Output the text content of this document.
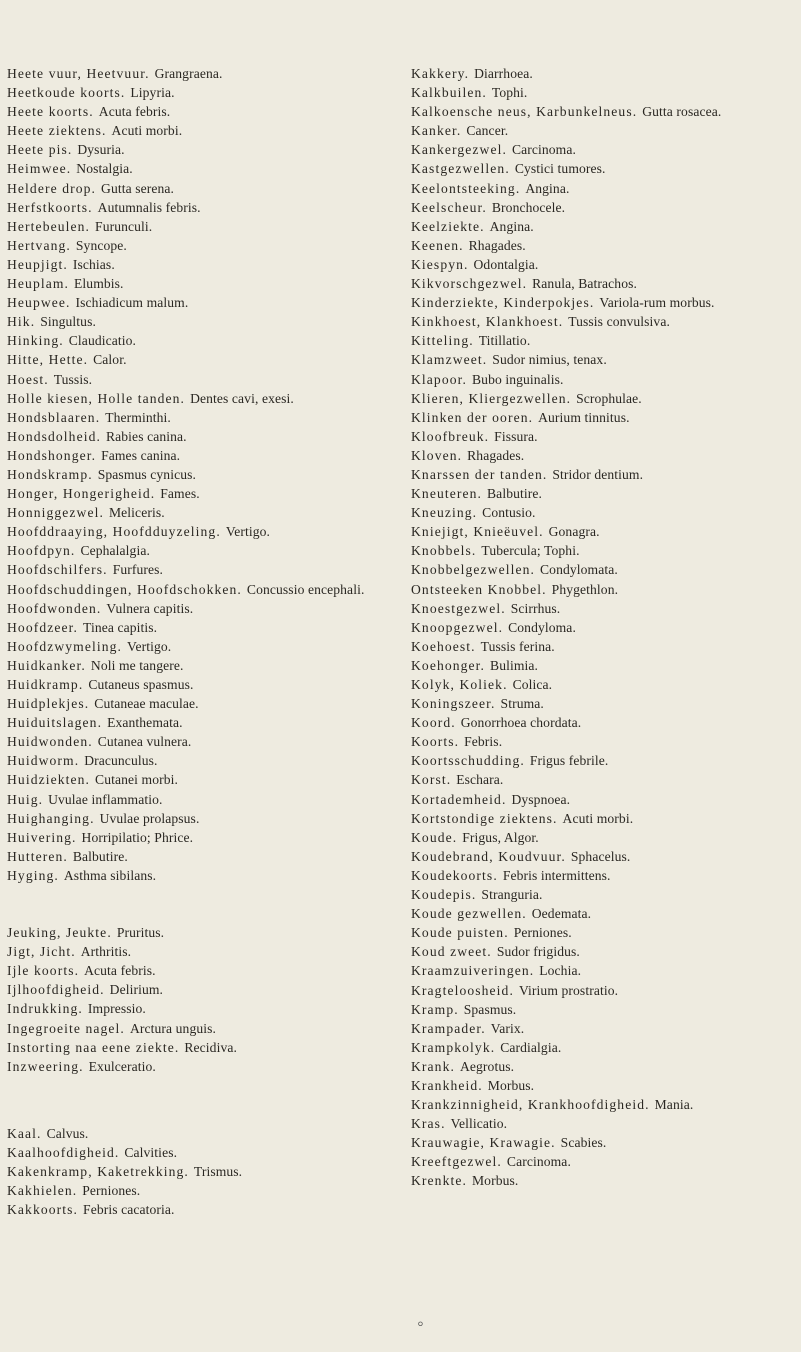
Heete vuur, Heetvuur. Grangraena.

Heetkoude koorts. Lipyria.

Heete koorts. Acuta febris.

Heete ziektens. Acuti morbi.

Heete pis. Dysuria.

Heimwee. Nostalgia.

Heldere drop. Gutta serena.

Herfstkoorts. Autumnalis febris.

Hertebeulen. Furunculi.

Hertvang. Syncope.

Heupjigt. Ischias.

Heuplam. Elumbis.

Heupwee. Ischiadicum malum.

Hik. Singultus.

Hinking. Claudicatio.

Hitte, Hette. Calor.

Hoest. Tussis.

Holle kiesen, Holle tanden. Dentes cavi, exesi.

Hondsblaaren. Therminthi.

Hondsdolheid. Rabies canina.

Hondshonger. Fames canina.

Hondskramp. Spasmus cynicus.

Honger, Hongerigheid. Fames.

Honniggezwel. Meliceris.

Hoofddraaying, Hoofdduyzeling. Vertigo.

Hoofdpyn. Cephalalgia.

Hoofdschilfers. Furfures.

Hoofdschuddingen, Hoofdschokken. Concussio encephali.

Hoofdwonden. Vulnera capitis.

Hoofdzeer. Tinea capitis.

Hoofdzwymeling. Vertigo.

Huidkanker. Noli me tangere.

Huidkramp. Cutaneus spasmus.

Huidplekjes. Cutaneae maculae.

Huiduitslagen. Exanthemata.

Huidwonden. Cutanea vulnera.

Huidworm. Dracunculus.

Huidziekten. Cutanei morbi.

Huig. Uvulae inflammatio.

Huighanging. Uvulae prolapsus.

Huivering. Horripilatio; Phrice.

Hutteren. Balbutire.

Hyging. Asthma sibilans.

Jeuking, Jeukte. Pruritus.

Jigt, Jicht. Arthritis.

Ijle koorts. Acuta febris.

Ijlhoofdigheid. Delirium.

Indrukking. Impressio.

Ingegroeite nagel. Arctura unguis.

Instorting naa eene ziekte. Recidiva.

Inzweering. Exulceratio.

Kaal. Calvus.

Kaalhoofdigheid. Calvities.

Kakenkramp, Kaketrekking. Trismus.

Kakhielen. Perniones.

Kakkoorts. Febris cacatoria.

Kakkery. Diarrhoea.

Kalkbuilen. Tophi.

Kalkoensche neus, Karbunkelneus. Gutta rosacea.

Kanker. Cancer.

Kankergezwel. Carcinoma.

Kastgezwellen. Cystici tumores.

Keelontsteeking. Angina.

Keelscheur. Bronchocele.

Keelziekte. Angina.

Keenen. Rhagades.

Kiespyn. Odontalgia.

Kikvorschgezwel. Ranula, Batrachos.

Kinderziekte, Kinderpokjes. Variola-rum morbus.

Kinkhoest, Klankhoest. Tussis convulsiva.

Kitteling. Titillatio.

Klamzweet. Sudor nimius, tenax.

Klapoor. Bubo inguinalis.

Klieren, Kliergezwellen. Scrophulae.

Klinken der ooren. Aurium tinnitus.

Kloofbreuk. Fissura.

Kloven. Rhagades.

Knarssen der tanden. Stridor dentium.

Kneuteren. Balbutire.

Kneuzing. Contusio.

Kniejigt, Knieëuvel. Gonagra.

Knobbels. Tubercula; Tophi.

Knobbelgezwellen. Condylomata.

Ontsteeken Knobbel. Phygethlon.

Knoestgezwel. Scirrhus.

Knoopgezwel. Condyloma.

Koehoest. Tussis ferina.

Koehonger. Bulimia.

Kolyk, Koliek. Colica.

Koningszeer. Struma.

Koord. Gonorrhoea chordata.

Koorts. Febris.

Koortsschudding. Frigus febrile.

Korst. Eschara.

Kortademheid. Dyspnoea.

Kortstondige ziektens. Acuti morbi.

Koude. Frigus, Algor.

Koudebrand, Koudvuur. Sphacelus.

Koudekoorts. Febris intermittens.

Koudepis. Stranguria.

Koude gezwellen. Oedemata.

Koude puisten. Perniones.

Koud zweet. Sudor frigidus.

Kraamzuiveringen. Lochia.

Kragteloosheid. Virium prostratio.

Kramp. Spasmus.

Krampader. Varix.

Krampkolyk. Cardialgia.

Krank. Aegrotus.

Krankheid. Morbus.

Krankzinnigheid, Krankhoofdigheid. Mania.

Kras. Vellicatio.

Krauwagie, Krawagie. Scabies.

Kreeftgezwel. Carcinoma.

Krenkte. Morbus.

⸰
